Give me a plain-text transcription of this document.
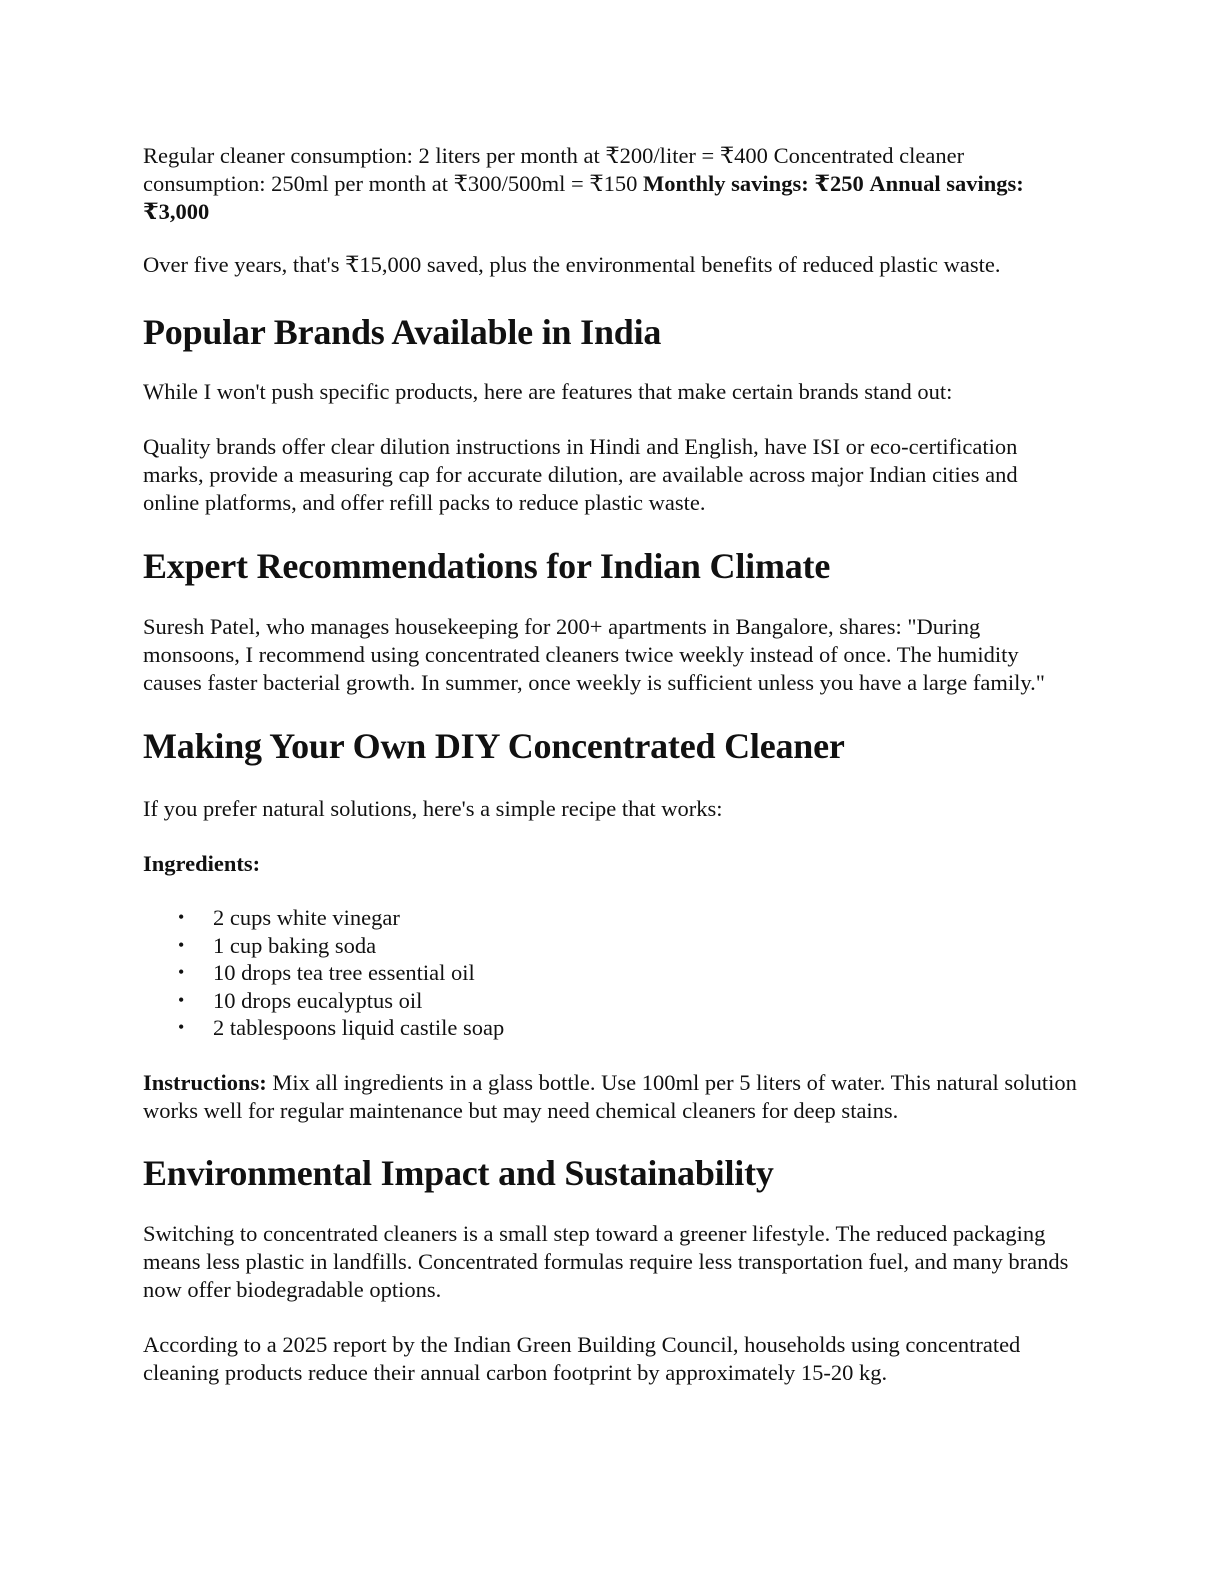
Regular cleaner consumption: 2 liters per month at ₹200/liter = ₹400 Concentrated cleaner consumption: 250ml per month at ₹300/500ml = ₹150 Monthly savings: ₹250 Annual savings: ₹3,000

Over five years, that's ₹15,000 saved, plus the environmental benefits of reduced plastic waste.

Popular Brands Available in India

While I won't push specific products, here are features that make certain brands stand out:

Quality brands offer clear dilution instructions in Hindi and English, have ISI or eco-certification marks, provide a measuring cap for accurate dilution, are available across major Indian cities and online platforms, and offer refill packs to reduce plastic waste.

Expert Recommendations for Indian Climate

Suresh Patel, who manages housekeeping for 200+ apartments in Bangalore, shares: "During monsoons, I recommend using concentrated cleaners twice weekly instead of once. The humidity causes faster bacterial growth. In summer, once weekly is sufficient unless you have a large family."

Making Your Own DIY Concentrated Cleaner

If you prefer natural solutions, here's a simple recipe that works:

Ingredients:

• 2 cups white vinegar
• 1 cup baking soda
• 10 drops tea tree essential oil
• 10 drops eucalyptus oil
• 2 tablespoons liquid castile soap

Instructions: Mix all ingredients in a glass bottle. Use 100ml per 5 liters of water. This natural solution works well for regular maintenance but may need chemical cleaners for deep stains.

Environmental Impact and Sustainability

Switching to concentrated cleaners is a small step toward a greener lifestyle. The reduced packaging means less plastic in landfills. Concentrated formulas require less transportation fuel, and many brands now offer biodegradable options.

According to a 2025 report by the Indian Green Building Council, households using concentrated cleaning products reduce their annual carbon footprint by approximately 15-20 kg.
